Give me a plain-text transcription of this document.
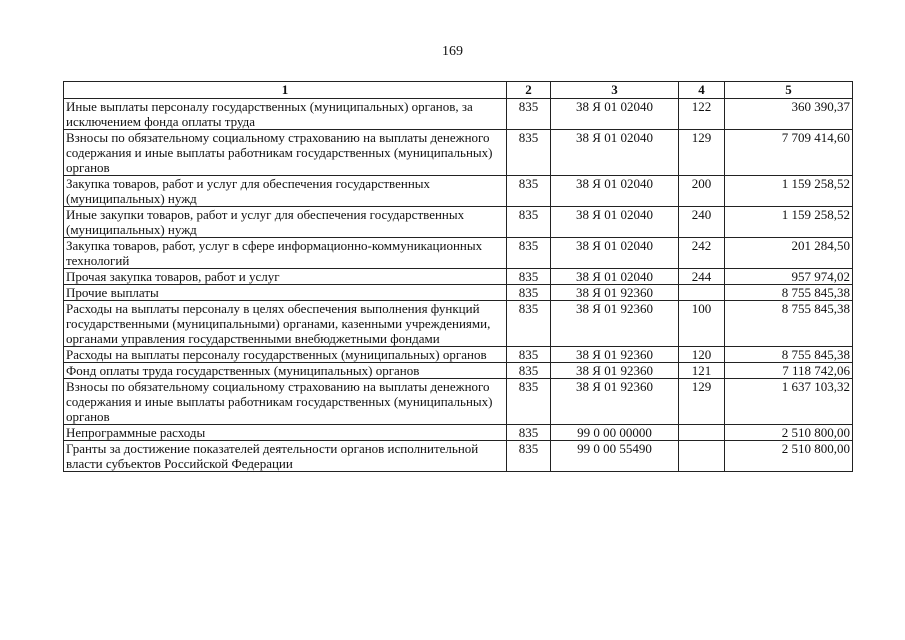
169
1	2	3	4	5
Иные выплаты персоналу государственных (муниципальных) органов, за исключением фонда оплаты труда	835	38 Я 01 02040	122	360 390,37
Взносы по обязательному социальному страхованию на выплаты денежного содержания и иные выплаты работникам государственных (муниципальных) органов	835	38 Я 01 02040	129	7 709 414,60
Закупка товаров, работ и услуг для обеспечения государственных (муниципальных) нужд	835	38 Я 01 02040	200	1 159 258,52
Иные закупки товаров, работ и услуг для обеспечения государственных (муниципальных) нужд	835	38 Я 01 02040	240	1 159 258,52
Закупка товаров, работ, услуг в сфере информационно-коммуникационных технологий	835	38 Я 01 02040	242	201 284,50
Прочая закупка товаров, работ и услуг	835	38 Я 01 02040	244	957 974,02
Прочие выплаты	835	38 Я 01 92360		8 755 845,38
Расходы на выплаты персоналу в целях обеспечения выполнения функций государственными (муниципальными) органами, казенными учреждениями, органами управления государственными внебюджетными фондами	835	38 Я 01 92360	100	8 755 845,38
Расходы на выплаты персоналу государственных (муниципальных) органов	835	38 Я 01 92360	120	8 755 845,38
Фонд оплаты труда государственных (муниципальных) органов	835	38 Я 01 92360	121	7 118 742,06
Взносы по обязательному социальному страхованию на выплаты денежного содержания и иные выплаты работникам государственных (муниципальных) органов	835	38 Я 01 92360	129	1 637 103,32
Непрограммные расходы	835	99 0 00 00000		2 510 800,00
Гранты за достижение показателей деятельности органов исполнительной власти субъектов Российской Федерации	835	99 0 00 55490		2 510 800,00
